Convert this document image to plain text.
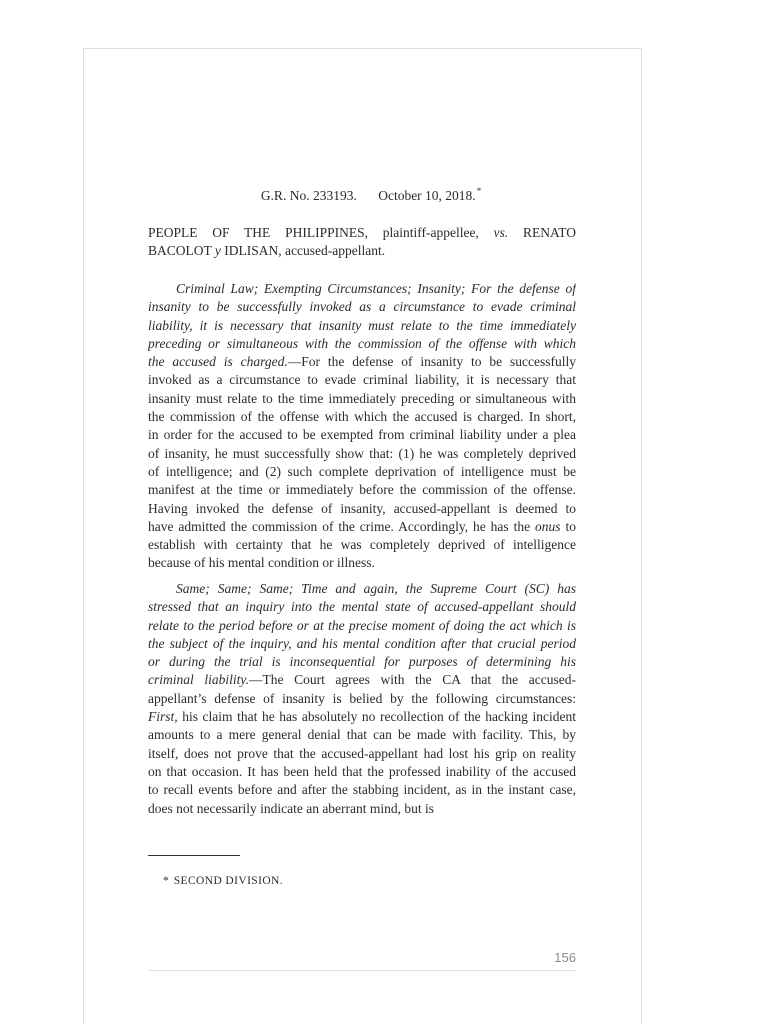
G.R. No. 233193. October 10, 2018.*
PEOPLE OF THE PHILIPPINES, plaintiff-appellee, vs. RENATO
BACOLOT y IDLISAN, accused-appellant.
Criminal Law; Exempting Circumstances; Insanity; For the defense of
insanity to be successfully invoked as a circumstance to evade criminal
liability, it is necessary that insanity must relate to the time immediately
preceding or simultaneous with the commission of the offense with which
the accused is charged.—For the defense of insanity to be successfully
invoked as a circumstance to evade criminal liability, it is necessary that
insanity must relate to the time immediately preceding or simultaneous with
the commission of the offense with which the accused is charged. In short,
in order for the accused to be exempted from criminal liability under a plea
of insanity, he must successfully show that: (1) he was completely deprived
of intelligence; and (2) such complete deprivation of intelligence must be
manifest at the time or immediately before the commission of the offense.
Having invoked the defense of insanity, accused-appellant is deemed to
have admitted the commission of the crime. Accordingly, he has the onus to
establish with certainty that he was completely deprived of intelligence
because of his mental condition or illness.
Same; Same; Same; Time and again, the Supreme Court (SC) has
stressed that an inquiry into the mental state of accused-appellant should
relate to the period before or at the precise moment of doing the act which is
the subject of the inquiry, and his mental condition after that crucial period
or during the trial is inconsequential for purposes of determining his
criminal liability.—The Court agrees with the CA that the accused-
appellant’s defense of insanity is belied by the following circumstances:
First, his claim that he has absolutely no recollection of the hacking incident
amounts to a mere general denial that can be made with facility. This, by
itself, does not prove that the accused-appellant had lost his grip on reality
on that occasion. It has been held that the professed inability of the accused
to recall events before and after the stabbing incident, as in the instant case,
does not necessarily indicate an aberrant mind, but is
* SECOND DIVISION.
156
